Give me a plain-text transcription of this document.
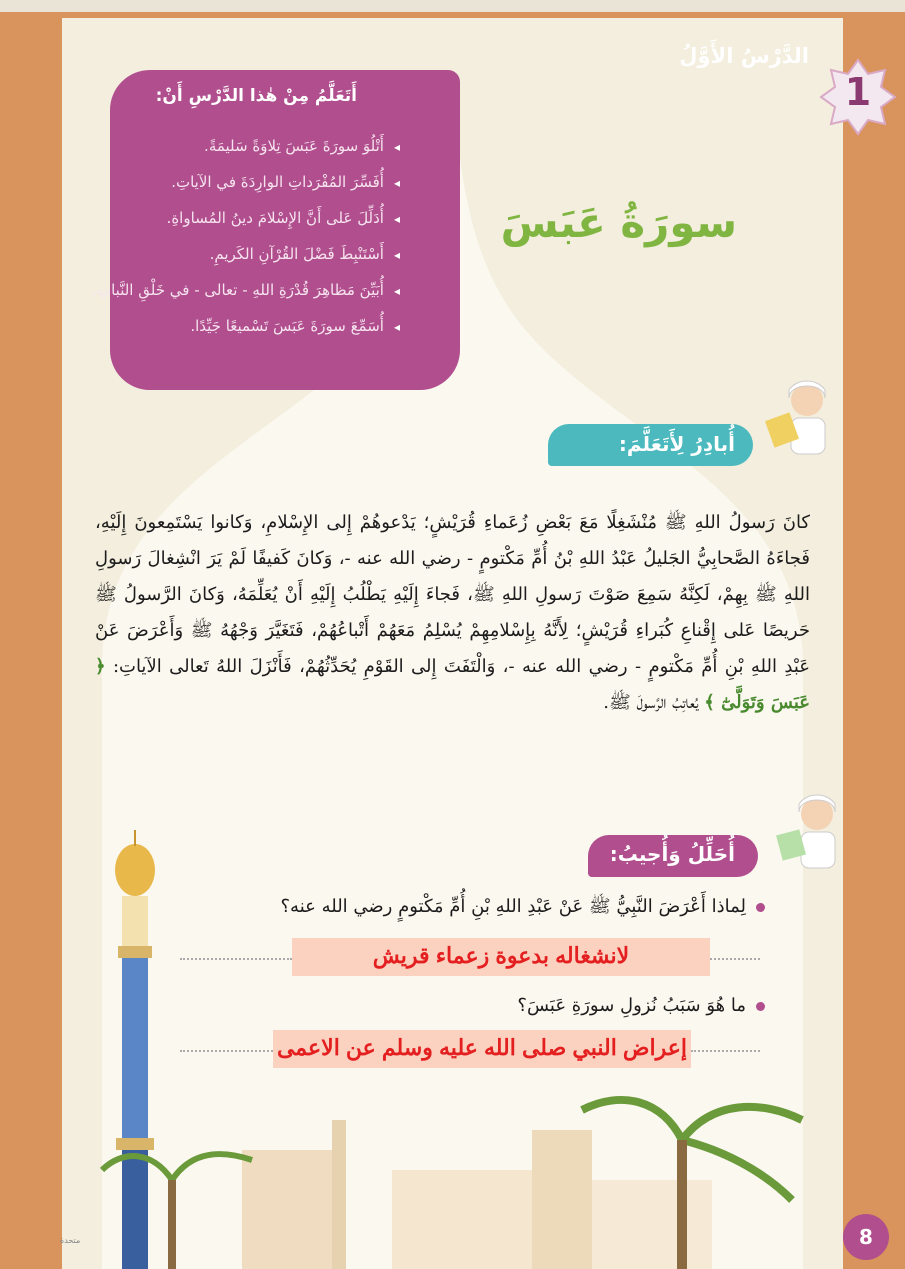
الدَّرْسُ الأَوَّلُ
1
أَتَعَلَّمُ مِنْ هٰذا الدَّرْسِ أَنْ:
◂ أَتْلُوَ سورَةَ عَبَسَ تِلاوَةً سَليمَةً.
◂ أُفَسِّرَ المُفْرَداتِ الوارِدَةَ في الآياتِ.
◂ أُدَلِّلَ عَلى أَنَّ الإِسْلامَ دينُ المُساواةِ.
◂ أَسْتَنْبِطَ فَضْلَ القُرْآنِ الكَريمِ.
◂ أُبَيِّنَ مَظاهِرَ قُدْرَةِ اللهِ - تعالى - في خَلْقِ النَّباتِ.
◂ أُسَمِّعَ سورَةَ عَبَسَ تَسْميعًا جَيِّدًا.
سورَةُ عَبَسَ
أُبادِرُ لِأَتَعَلَّمَ:

كانَ رَسولُ اللهِ ﷺ مُنْشَغِلًا مَعَ بَعْضِ زُعَماءِ قُرَيْشٍ؛ يَدْعوهُمْ إِلى الإِسْلامِ، وَكانوا يَسْتَمِعونَ إِلَيْهِ، فَجاءَهُ الصَّحابِيُّ الجَليلُ عَبْدُ اللهِ بْنُ أُمِّ مَكْتومٍ - رضي الله عنه -، وَكانَ كَفيفًا لَمْ يَرَ انْشِغالَ رَسولِ اللهِ ﷺ بِهِمْ، لَكِنَّهُ سَمِعَ صَوْتَ رَسولِ اللهِ ﷺ، فَجاءَ إِلَيْهِ يَطْلُبُ إِلَيْهِ أَنْ يُعَلِّمَهُ، وَكانَ الرَّسولُ ﷺ حَريصًا عَلى إِقْناعِ كُبَراءِ قُرَيْشٍ؛ لِأَنَّهُ بِإِسْلامِهِمْ يُسْلِمُ مَعَهُمْ أَتْباعُهُمْ، فَتَغَيَّرَ وَجْهُهُ ﷺ وَأَعْرَضَ عَنْ عَبْدِ اللهِ بْنِ أُمِّ مَكْتومٍ - رضي الله عنه -، وَالْتَفَتَ إِلى القَوْمِ يُحَدِّثُهُمْ، فَأَنْزَلَ اللهُ تَعالى الآياتِ: ﴿ عَبَسَ وَتَوَلَّىٰٓ ﴾ يُعاتِبُ الرَّسولَ ﷺ.

أُحَلِّلُ وَأُجيبُ:
لِماذا أَعْرَضَ النَّبِيُّ ﷺ عَنْ عَبْدِ اللهِ بْنِ أُمِّ مَكْتومٍ رضي الله عنه؟
لانشغاله بدعوة زعماء قريش
ما هُوَ سَبَبُ نُزولِ سورَةِ عَبَسَ؟
إعراض النبي صلى الله عليه وسلم عن الاعمى
متحدة	8
